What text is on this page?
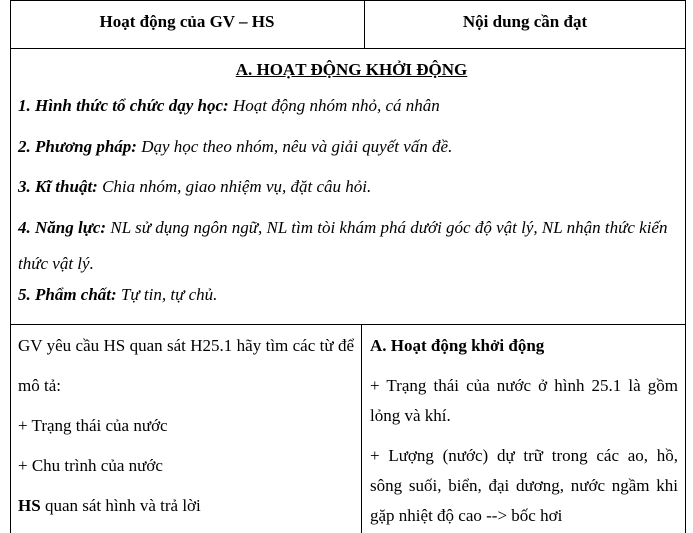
Hoạt động của GV – HS	Nội dung cần đạt
A. HOẠT ĐỘNG KHỞI ĐỘNG
1. Hình thức tổ chức dạy học: Hoạt động nhóm nhỏ, cá nhân
2. Phương pháp: Dạy học theo nhóm, nêu và giải quyết vấn đề.
3. Kĩ thuật: Chia nhóm, giao nhiệm vụ, đặt câu hỏi.
4. Năng lực: NL sử dụng ngôn ngữ, NL tìm tòi khám phá dưới góc độ vật lý, NL nhận thức kiến thức vật lý.
5. Phẩm chất: Tự tin, tự chủ.

GV yêu cầu HS quan sát H25.1 hãy tìm các từ để mô tả:

+ Trạng thái của nước

+ Chu trình của nước

HS quan sát hình và trả lời

A. Hoạt động khởi động

+ Trạng thái của nước ở hình 25.1 là gồm lỏng và khí.

+ Lượng (nước) dự trữ trong các ao, hồ, sông suối, biển, đại dương, nước ngầm khi gặp nhiệt độ cao --> bốc hơi
